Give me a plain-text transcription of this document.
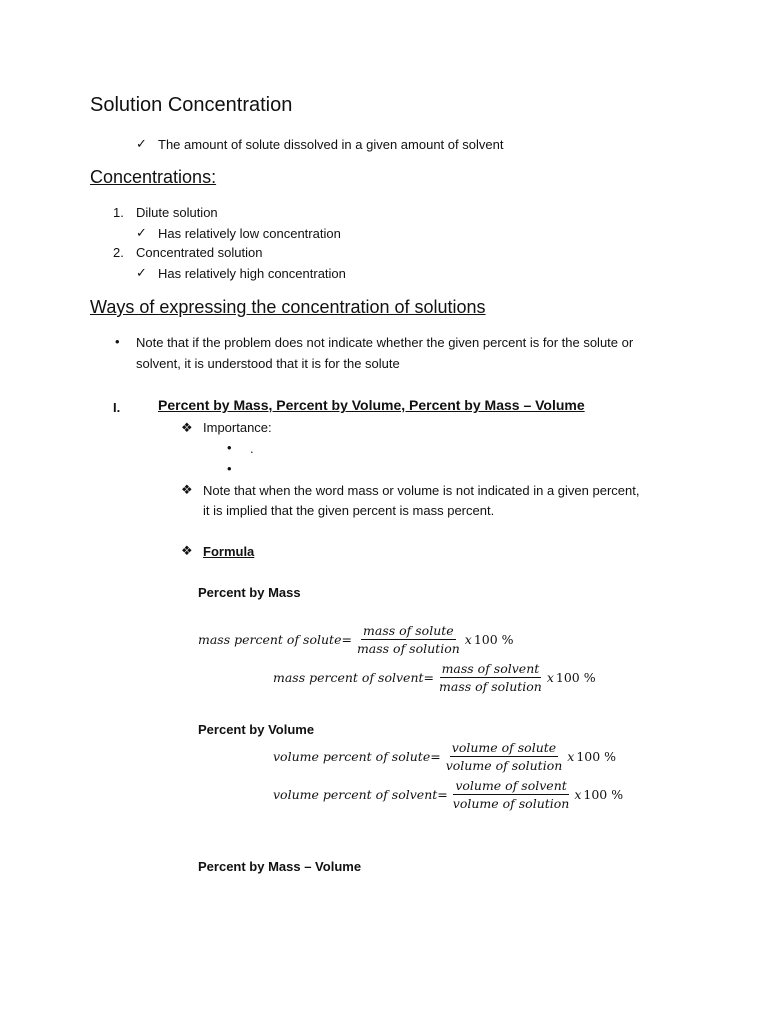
Solution Concentration
✓ The amount of solute dissolved in a given amount of solvent
Concentrations:
1. Dilute solution
✓ Has relatively low concentration
2. Concentrated solution
✓ Has relatively high concentration
Ways of expressing the concentration of solutions
• Note that if the problem does not indicate whether the given percent is for the solute or
solvent, it is understood that it is for the solute
I.	Percent by Mass, Percent by Volume, Percent by Mass – Volume
❖ Importance:
• .
•
❖ Note that when the word mass or volume is not indicated in a given percent,
it is implied that the given percent is mass percent.
❖ Formula
Percent by Mass
mass percent of solute = $\frac{\text{mass of solute}}{\text{mass of solution}}$ x 100 %
mass percent of solvent = $\frac{\text{mass of solvent}}{\text{mass of solution}}$ x 100 %
Percent by Volume
volume percent of solute = $\frac{\text{volume of solute}}{\text{volume of solution}}$ x 100 %
volume percent of solvent = $\frac{\text{volume of solvent}}{\text{volume of solution}}$ x 100 %
Percent by Mass – Volume
